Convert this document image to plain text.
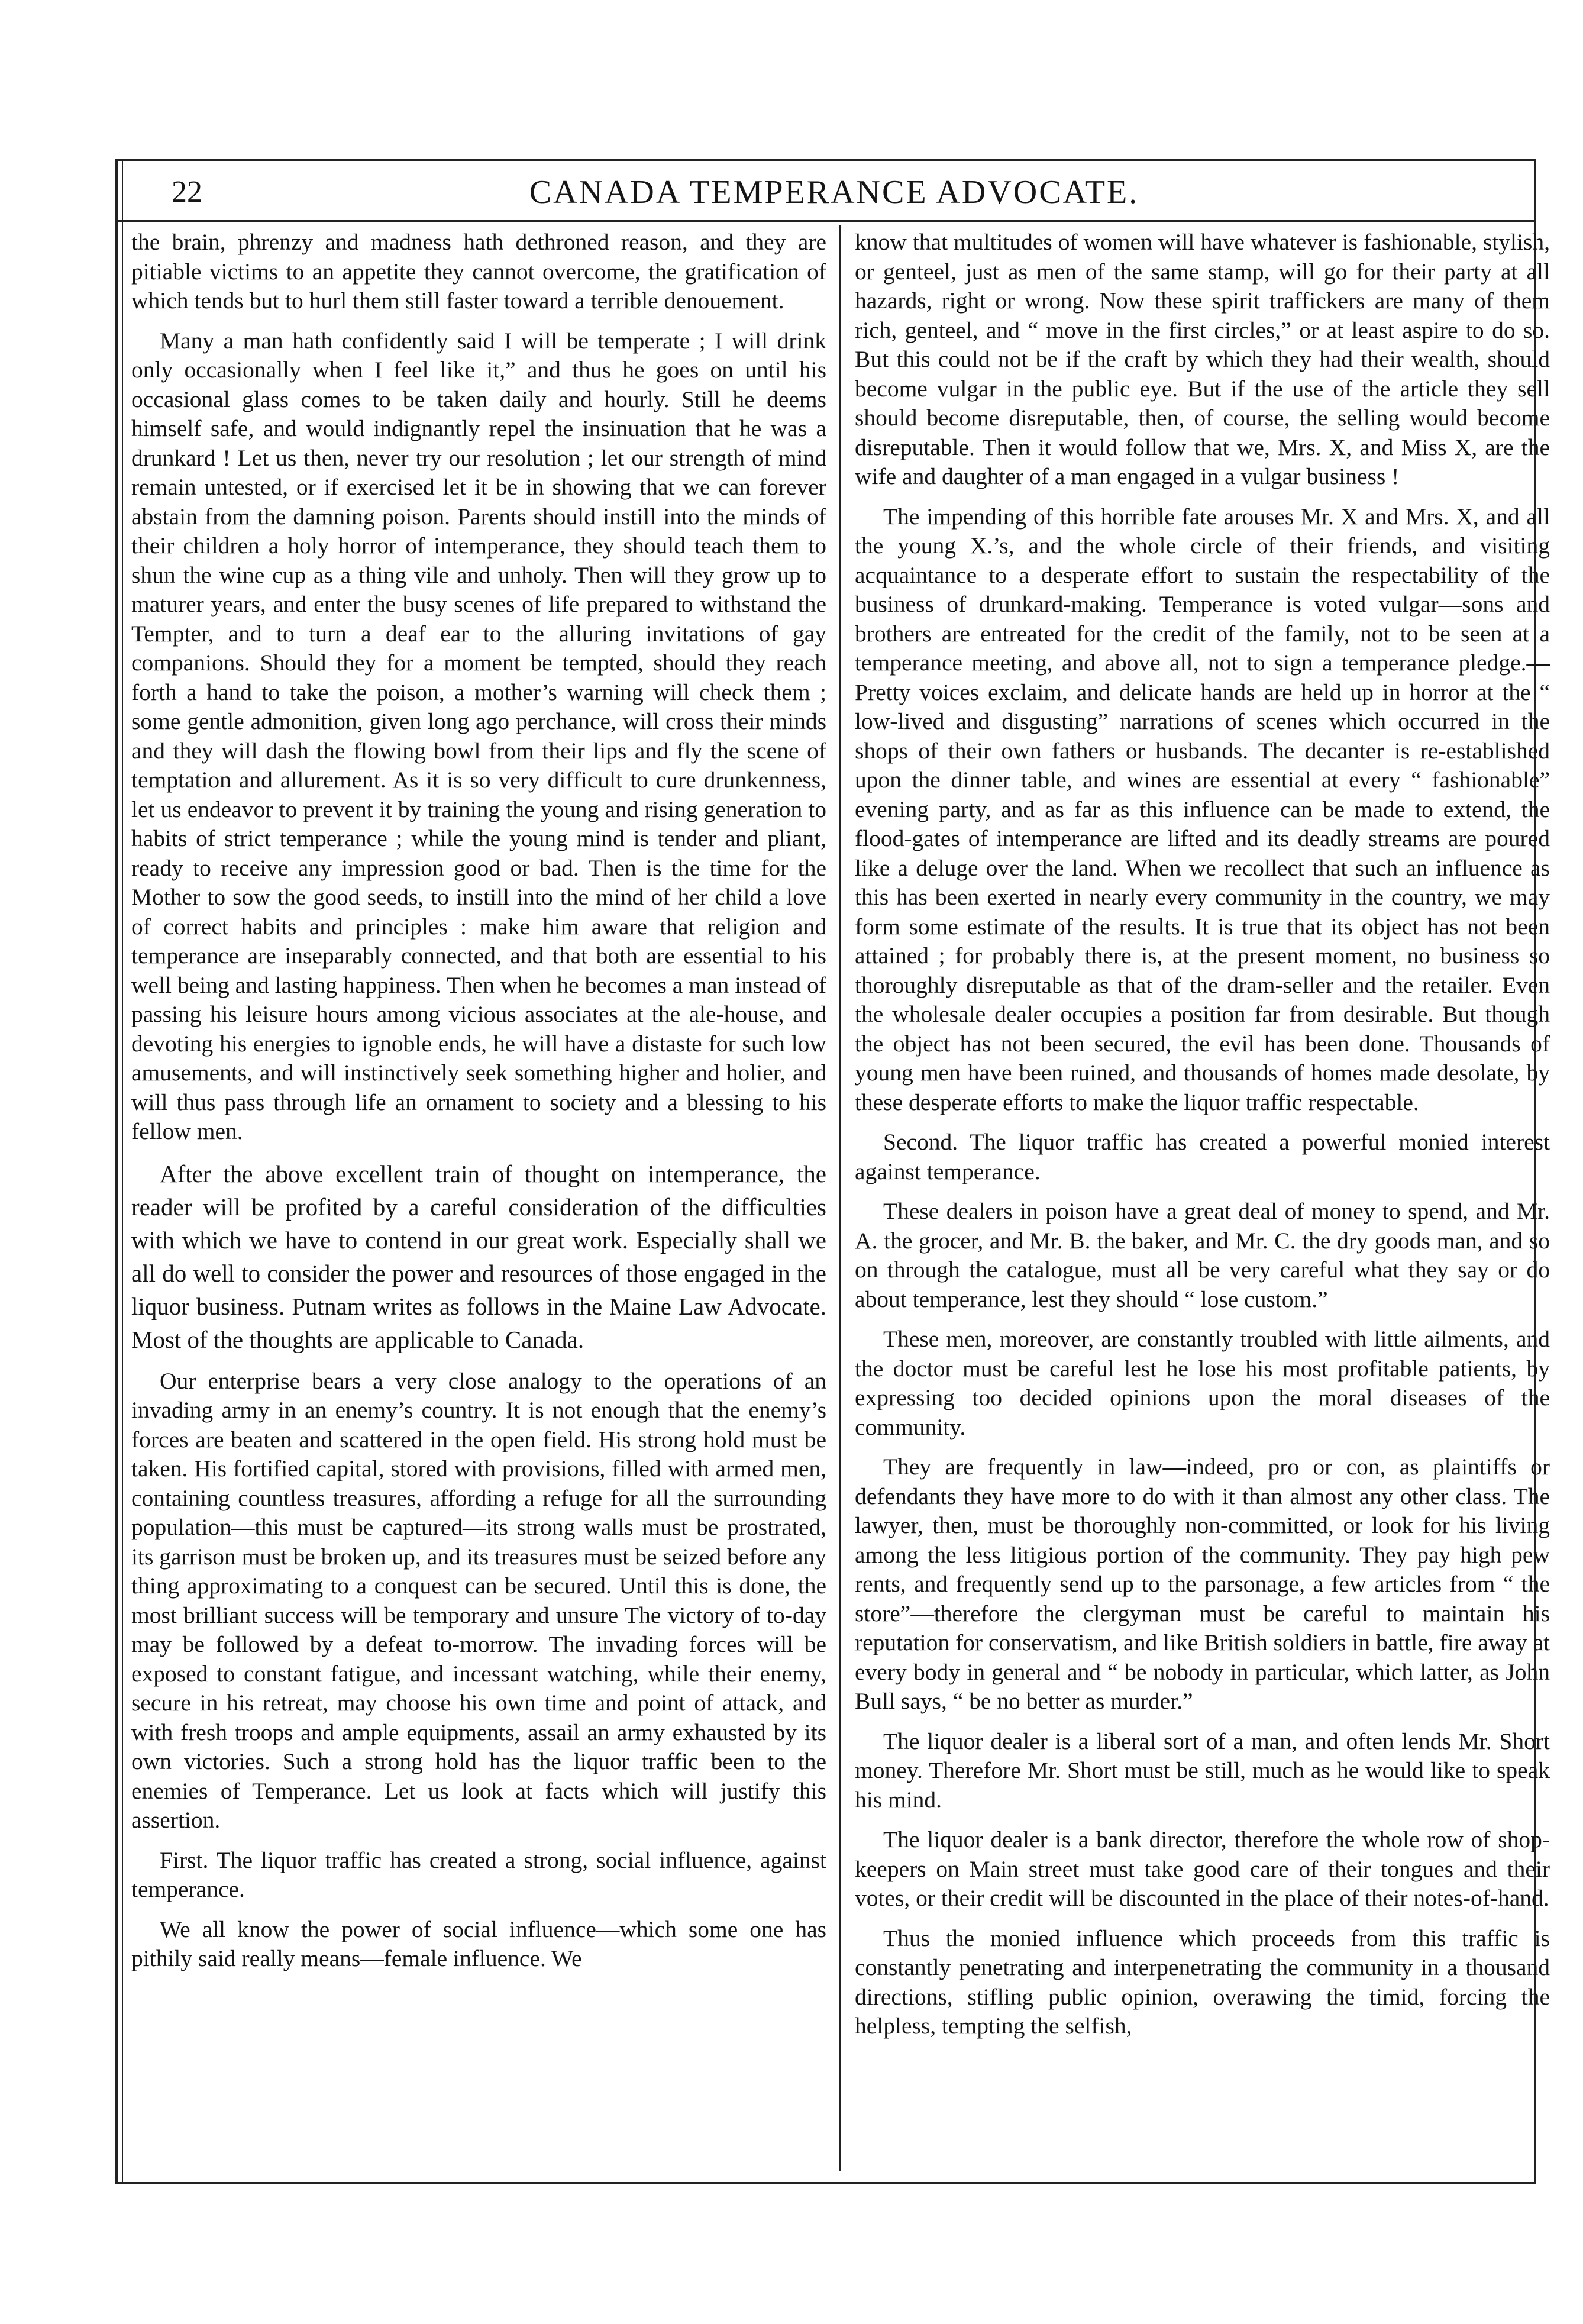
22	CANADA TEMPERANCE ADVOCATE.

the brain, phrenzy and madness hath dethroned reason, and they are pitiable victims to an appetite they cannot overcome, the gratification of which tends but to hurl them still faster toward a terrible denouement.

Many a man hath confidently said I will be temperate ; I will drink only occasionally when I feel like it,” and thus he goes on until his occasional glass comes to be taken daily and hourly. Still he deems himself safe, and would indignantly repel the insinuation that he was a drunkard ! Let us then, never try our resolution ; let our strength of mind remain untested, or if exercised let it be in showing that we can forever abstain from the damning poison. Parents should instill into the minds of their children a holy horror of intemperance, they should teach them to shun the wine cup as a thing vile and unholy. Then will they grow up to maturer years, and enter the busy scenes of life prepared to withstand the Tempter, and to turn a deaf ear to the alluring invitations of gay companions. Should they for a moment be tempted, should they reach forth a hand to take the poison, a mother’s warning will check them ; some gentle admonition, given long ago perchance, will cross their minds and they will dash the flowing bowl from their lips and fly the scene of temptation and allurement. As it is so very difficult to cure drunkenness, let us endeavor to prevent it by training the young and rising generation to habits of strict temperance ; while the young mind is tender and pliant, ready to receive any impression good or bad. Then is the time for the Mother to sow the good seeds, to instill into the mind of her child a love of correct habits and principles : make him aware that religion and temperance are inseparably connected, and that both are essential to his well being and lasting happiness. Then when he becomes a man instead of passing his leisure hours among vicious associates at the ale-house, and devoting his energies to ignoble ends, he will have a distaste for such low amusements, and will instinctively seek something higher and holier, and will thus pass through life an ornament to society and a blessing to his fellow men.

After the above excellent train of thought on intemperance, the reader will be profited by a careful consideration of the difficulties with which we have to contend in our great work. Especially shall we all do well to consider the power and resources of those engaged in the liquor business. Putnam writes as follows in the Maine Law Advocate. Most of the thoughts are applicable to Canada.

Our enterprise bears a very close analogy to the operations of an invading army in an enemy’s country. It is not enough that the enemy’s forces are beaten and scattered in the open field. His strong hold must be taken. His fortified capital, stored with provisions, filled with armed men, containing countless treasures, affording a refuge for all the surrounding population—this must be captured—its strong walls must be prostrated, its garrison must be broken up, and its treasures must be seized before any thing approximating to a conquest can be secured. Until this is done, the most brilliant success will be temporary and unsure The victory of to-day may be followed by a defeat to-morrow. The invading forces will be exposed to constant fatigue, and incessant watching, while their enemy, secure in his retreat, may choose his own time and point of attack, and with fresh troops and ample equipments, assail an army exhausted by its own victories. Such a strong hold has the liquor traffic been to the enemies of Temperance. Let us look at facts which will justify this assertion.

First. The liquor traffic has created a strong, social influence, against temperance.

We all know the power of social influence—which some one has pithily said really means—female influence. We

know that multitudes of women will have whatever is fashionable, stylish, or genteel, just as men of the same stamp, will go for their party at all hazards, right or wrong. Now these spirit traffickers are many of them rich, genteel, and “ move in the first circles,” or at least aspire to do so. But this could not be if the craft by which they had their wealth, should become vulgar in the public eye. But if the use of the article they sell should become disreputable, then, of course, the selling would become disreputable. Then it would follow that we, Mrs. X, and Miss X, are the wife and daughter of a man engaged in a vulgar business !

The impending of this horrible fate arouses Mr. X and Mrs. X, and all the young X.’s, and the whole circle of their friends, and visiting acquaintance to a desperate effort to sustain the respectability of the business of drunkard-making. Temperance is voted vulgar—sons and brothers are entreated for the credit of the family, not to be seen at a temperance meeting, and above all, not to sign a temperance pledge.—Pretty voices exclaim, and delicate hands are held up in horror at the “ low-lived and disgusting” narrations of scenes which occurred in the shops of their own fathers or husbands. The decanter is re-established upon the dinner table, and wines are essential at every “ fashionable” evening party, and as far as this influence can be made to extend, the flood-gates of intemperance are lifted and its deadly streams are poured like a deluge over the land. When we recollect that such an influence as this has been exerted in nearly every community in the country, we may form some estimate of the results. It is true that its object has not been attained ; for probably there is, at the present moment, no business so thoroughly disreputable as that of the dram-seller and the retailer. Even the wholesale dealer occupies a position far from desirable. But though the object has not been secured, the evil has been done. Thousands of young men have been ruined, and thousands of homes made desolate, by these desperate efforts to make the liquor traffic respectable.

Second. The liquor traffic has created a powerful monied interest against temperance.

These dealers in poison have a great deal of money to spend, and Mr. A. the grocer, and Mr. B. the baker, and Mr. C. the dry goods man, and so on through the catalogue, must all be very careful what they say or do about temperance, lest they should “ lose custom.”

These men, moreover, are constantly troubled with little ailments, and the doctor must be careful lest he lose his most profitable patients, by expressing too decided opinions upon the moral diseases of the community.

They are frequently in law—indeed, pro or con, as plaintiffs or defendants they have more to do with it than almost any other class. The lawyer, then, must be thoroughly non-committed, or look for his living among the less litigious portion of the community. They pay high pew rents, and frequently send up to the parsonage, a few articles from “ the store”—therefore the clergyman must be careful to maintain his reputation for conservatism, and like British soldiers in battle, fire away at every body in general and “ be nobody in particular, which latter, as John Bull says, “ be no better as murder.”

The liquor dealer is a liberal sort of a man, and often lends Mr. Short money. Therefore Mr. Short must be still, much as he would like to speak his mind.

The liquor dealer is a bank director, therefore the whole row of shop-keepers on Main street must take good care of their tongues and their votes, or their credit will be discounted in the place of their notes-of-hand.

Thus the monied influence which proceeds from this traffic is constantly penetrating and interpenetrating the community in a thousand directions, stifling public opinion, overawing the timid, forcing the helpless, tempting the selfish,
